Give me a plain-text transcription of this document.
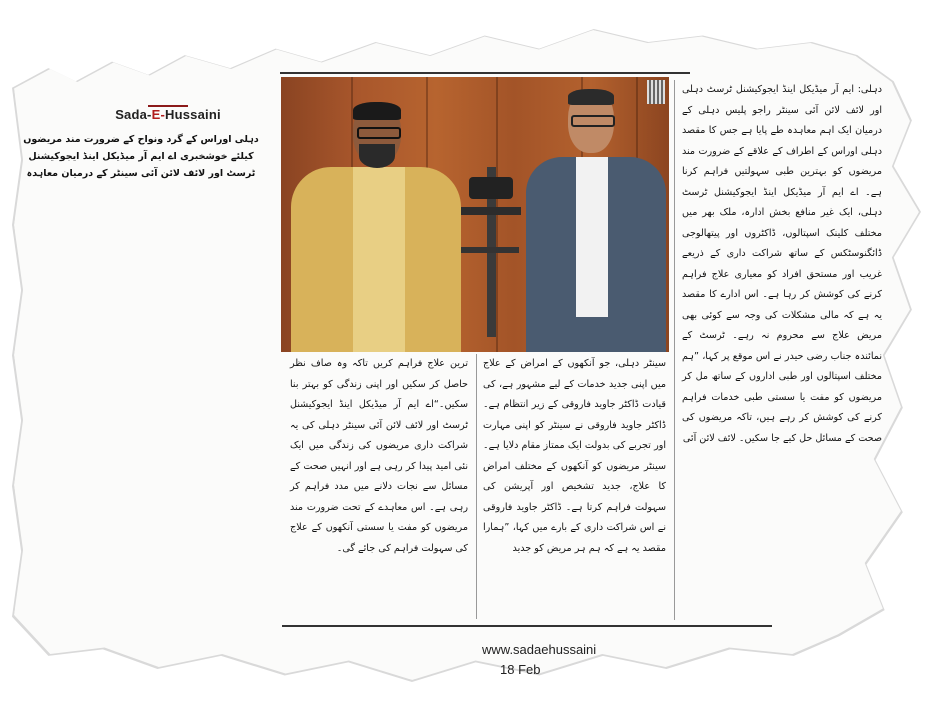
Sada-E-Hussaini
دہلی اوراس کے گرد ونواح کے ضرورت مند مریضوں کیلئے خوشخبری اے ایم آر میڈیکل اینڈ ایجوکیشنل ٹرسٹ اور لائف لائن آئی سینٹر کے درمیان معاہدہ
دہلی: ایم آر میڈیکل اینڈ ایجوکیشنل ٹرسٹ دہلی اور لائف لائن آئی سینٹر راجو پلیس دہلی کے درمیان ایک اہم معاہدہ طے پایا ہے جس کا مقصد دہلی اوراس کے اطراف کے علاقے کے ضرورت مند مریضوں کو بہترین طبی سہولتیں فراہم کرنا ہے۔ اے ایم آر میڈیکل اینڈ ایجوکیشنل ٹرسٹ دہلی، ایک غیر منافع بخش ادارہ، ملک بھر میں مختلف کلینک اسپتالوں، ڈاکٹروں اور پیتھالوجی ڈائگنوسٹکس کے ساتھ شراکت داری کے ذریعے غریب اور مستحق افراد کو معیاری علاج فراہم کرنے کی کوشش کر رہا ہے۔ اس ادارے کا مقصد یہ ہے کہ مالی مشکلات کی وجہ سے کوئی بھی مریض علاج سے محروم نہ رہے۔ ٹرسٹ کے نمائندہ جناب رضی حیدر نے اس موقع پر کہا، ”ہم مختلف اسپتالوں اور طبی اداروں کے ساتھ مل کر مریضوں کو مفت یا سستی طبی خدمات فراہم کرنے کی کوشش کر رہے ہیں، تاکہ مریضوں کی صحت کے مسائل حل کیے جا سکیں۔ لائف لائن آئی
سینٹر دہلی، جو آنکھوں کے امراض کے علاج میں اپنی جدید خدمات کے لیے مشہور ہے، کی قیادت ڈاکٹر جاوید فاروقی کے زیر انتظام ہے۔ ڈاکٹر جاوید فاروقی نے سینٹر کو اپنی مہارت اور تجربے کی بدولت ایک ممتاز مقام دلایا ہے۔ سینٹر مریضوں کو آنکھوں کے مختلف امراض کا علاج، جدید تشخیص اور آپریشن کی سہولت فراہم کرتا ہے۔ ڈاکٹر جاوید فاروقی نے اس شراکت داری کے بارے میں کہا، ”ہمارا مقصد یہ ہے کہ ہم ہر مریض کو جدید
ترین علاج فراہم کریں تاکہ وہ صاف نظر حاصل کر سکیں اور اپنی زندگی کو بہتر بنا سکیں۔“اے ایم آر میڈیکل اینڈ ایجوکیشنل ٹرسٹ اور لائف لائن آئی سینٹر دہلی کی یہ شراکت داری مریضوں کی زندگی میں ایک نئی امید پیدا کر رہی ہے اور انہیں صحت کے مسائل سے نجات دلانے میں مدد فراہم کر رہی ہے۔ اس معاہدے کے تحت ضرورت مند مریضوں کو مفت یا سستی آنکھوں کے علاج کی سہولت فراہم کی جائے گی۔
www.sadaehussaini
18 Feb
